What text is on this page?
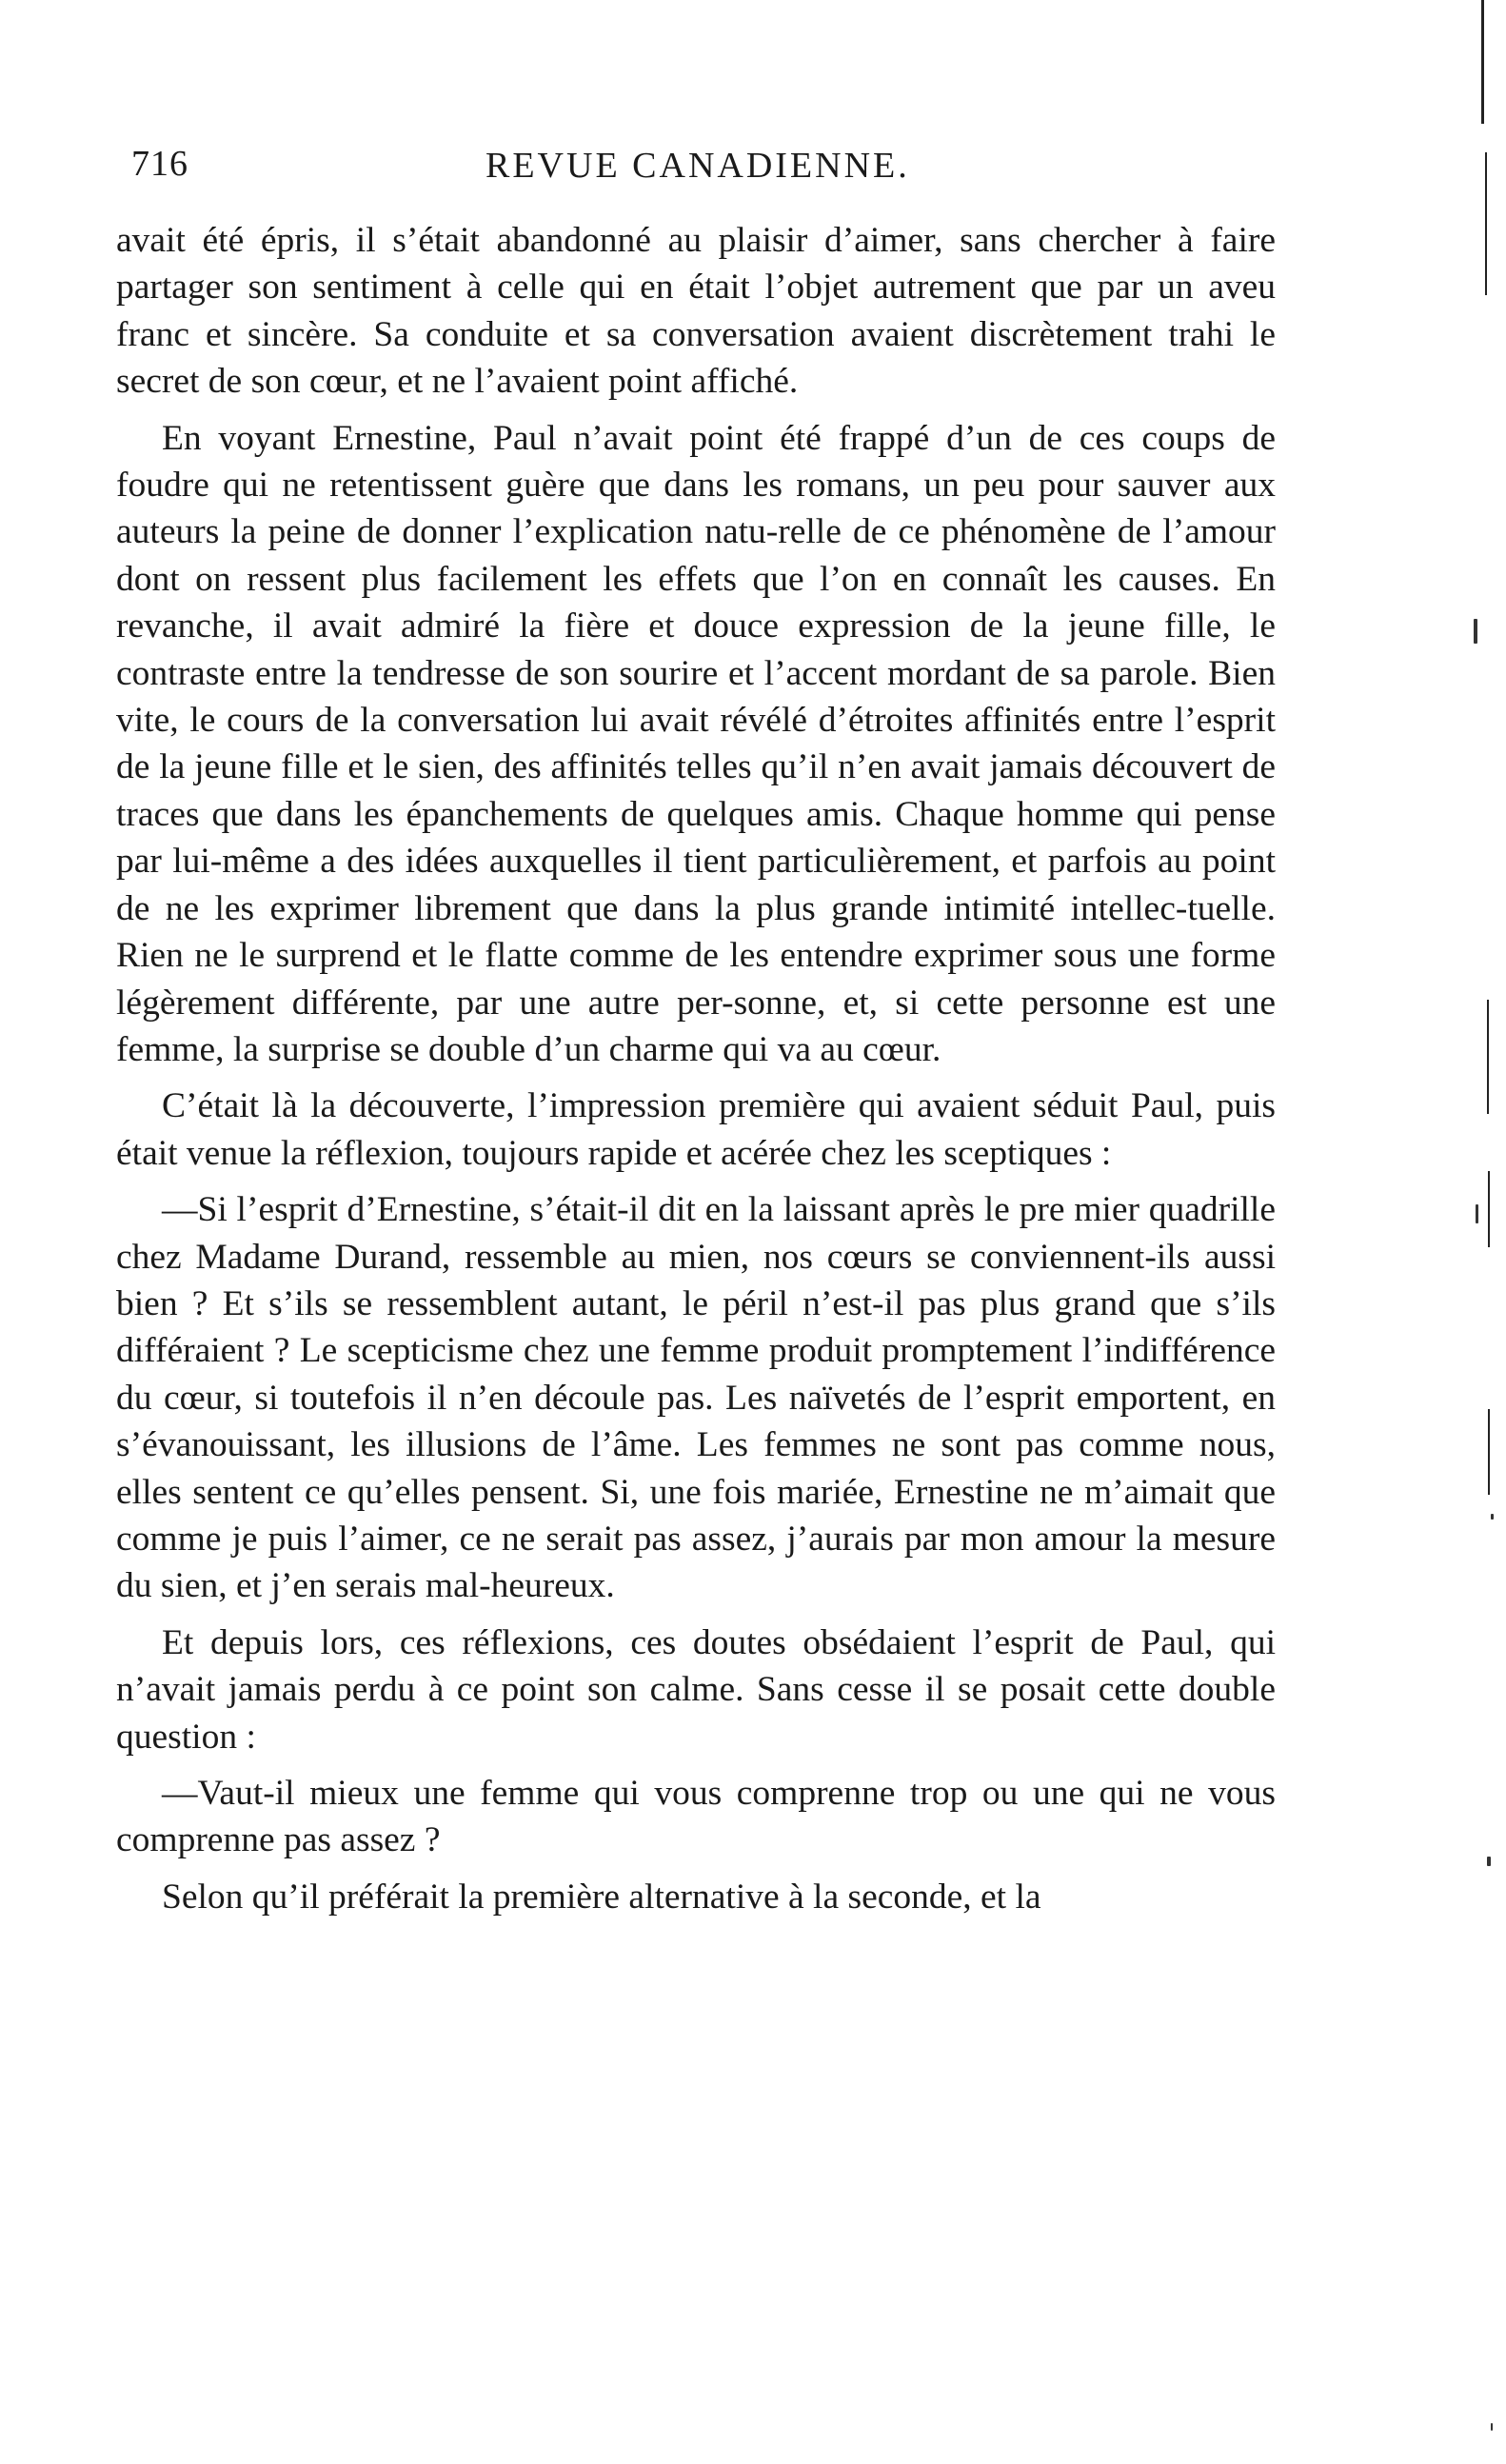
716	REVUE CANADIENNE.

avait été épris, il s’était abandonné au plaisir d’aimer, sans chercher à faire partager son sentiment à celle qui en était l’objet autrement que par un aveu franc et sincère. Sa conduite et sa conversation avaient discrètement trahi le secret de son cœur, et ne l’avaient point affiché.

En voyant Ernestine, Paul n’avait point été frappé d’un de ces coups de foudre qui ne retentissent guère que dans les romans, un peu pour sauver aux auteurs la peine de donner l’explication natu-relle de ce phénomène de l’amour dont on ressent plus facilement les effets que l’on en connaît les causes. En revanche, il avait admiré la fière et douce expression de la jeune fille, le contraste entre la tendresse de son sourire et l’accent mordant de sa parole. Bien vite, le cours de la conversation lui avait révélé d’étroites affinités entre l’esprit de la jeune fille et le sien, des affinités telles qu’il n’en avait jamais découvert de traces que dans les épanchements de quelques amis. Chaque homme qui pense par lui-même a des idées auxquelles il tient particulièrement, et parfois au point de ne les exprimer librement que dans la plus grande intimité intellec-tuelle. Rien ne le surprend et le flatte comme de les entendre exprimer sous une forme légèrement différente, par une autre per-sonne, et, si cette personne est une femme, la surprise se double d’un charme qui va au cœur.

C’était là la découverte, l’impression première qui avaient séduit Paul, puis était venue la réflexion, toujours rapide et acérée chez les sceptiques :

—Si l’esprit d’Ernestine, s’était-il dit en la laissant après le pre mier quadrille chez Madame Durand, ressemble au mien, nos cœurs se conviennent-ils aussi bien ? Et s’ils se ressemblent autant, le péril n’est-il pas plus grand que s’ils différaient ? Le scepticisme chez une femme produit promptement l’indifférence du cœur, si toutefois il n’en découle pas. Les naïvetés de l’esprit emportent, en s’évanouissant, les illusions de l’âme. Les femmes ne sont pas comme nous, elles sentent ce qu’elles pensent. Si, une fois mariée, Ernestine ne m’aimait que comme je puis l’aimer, ce ne serait pas assez, j’aurais par mon amour la mesure du sien, et j’en serais mal-heureux.

Et depuis lors, ces réflexions, ces doutes obsédaient l’esprit de Paul, qui n’avait jamais perdu à ce point son calme. Sans cesse il se posait cette double question :

—Vaut-il mieux une femme qui vous comprenne trop ou une qui ne vous comprenne pas assez ?

Selon qu’il préférait la première alternative à la seconde, et la
